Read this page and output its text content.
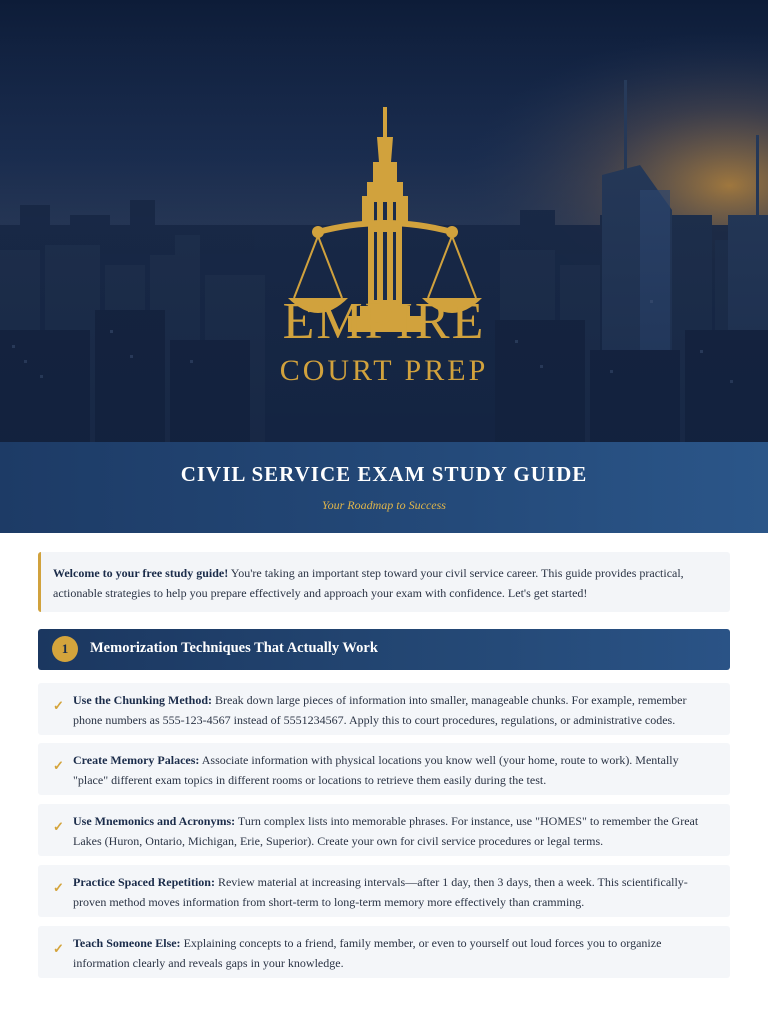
EMPIRE
COURT PREP
CIVIL SERVICE EXAM STUDY GUIDE
Your Roadmap to Success
Welcome to your free study guide! You're taking an important step toward your civil service career. This guide provides practical, actionable strategies to help you prepare effectively and approach your exam with confidence. Let's get started!
1	Memorization Techniques That Actually Work
✓ Use the Chunking Method: Break down large pieces of information into smaller, manageable chunks. For example, remember phone numbers as 555-123-4567 instead of 5551234567. Apply this to court procedures, regulations, or administrative codes.
✓ Create Memory Palaces: Associate information with physical locations you know well (your home, route to work). Mentally "place" different exam topics in different rooms or locations to retrieve them easily during the test.
✓ Use Mnemonics and Acronyms: Turn complex lists into memorable phrases. For instance, use "HOMES" to remember the Great Lakes (Huron, Ontario, Michigan, Erie, Superior). Create your own for civil service procedures or legal terms.
✓ Practice Spaced Repetition: Review material at increasing intervals—after 1 day, then 3 days, then a week. This scientifically-proven method moves information from short-term to long-term memory more effectively than cramming.
✓ Teach Someone Else: Explaining concepts to a friend, family member, or even to yourself out loud forces you to organize information clearly and reveals gaps in your knowledge.
